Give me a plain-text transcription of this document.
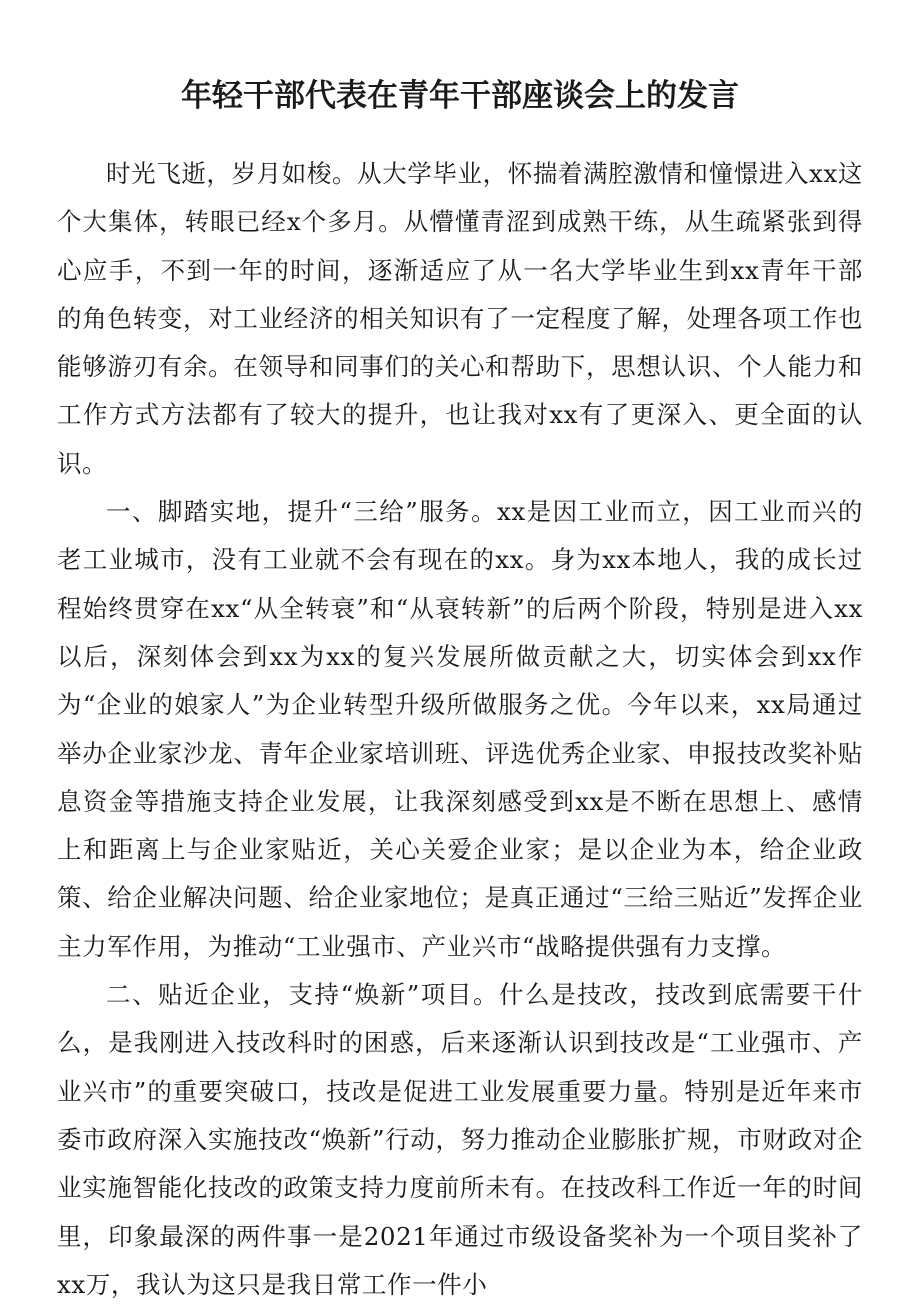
年轻干部代表在青年干部座谈会上的发言

时光飞逝，岁月如梭。从大学毕业，怀揣着满腔激情和憧憬进入xx这个大集体，转眼已经x个多月。从懵懂青涩到成熟干练，从生疏紧张到得心应手，不到一年的时间，逐渐适应了从一名大学毕业生到xx青年干部的角色转变，对工业经济的相关知识有了一定程度了解，处理各项工作也能够游刃有余。在领导和同事们的关心和帮助下，思想认识、个人能力和工作方式方法都有了较大的提升，也让我对xx有了更深入、更全面的认识。

一、脚踏实地，提升“三给”服务。xx是因工业而立，因工业而兴的老工业城市，没有工业就不会有现在的xx。身为xx本地人，我的成长过程始终贯穿在xx“从全转衰”和“从衰转新”的后两个阶段，特别是进入xx以后，深刻体会到xx为xx的复兴发展所做贡献之大，切实体会到xx作为“企业的娘家人”为企业转型升级所做服务之优。今年以来，xx局通过举办企业家沙龙、青年企业家培训班、评选优秀企业家、申报技改奖补贴息资金等措施支持企业发展，让我深刻感受到xx是不断在思想上、感情上和距离上与企业家贴近，关心关爱企业家；是以企业为本，给企业政策、给企业解决问题、给企业家地位；是真正通过“三给三贴近”发挥企业主力军作用，为推动“工业强市、产业兴市“战略提供强有力支撑。

二、贴近企业，支持“焕新”项目。什么是技改，技改到底需要干什么，是我刚进入技改科时的困惑，后来逐渐认识到技改是“工业强市、产业兴市”的重要突破口，技改是促进工业发展重要力量。特别是近年来市委市政府深入实施技改“焕新”行动，努力推动企业膨胀扩规，市财政对企业实施智能化技改的政策支持力度前所未有。在技改科工作近一年的时间里，印象最深的两件事一是2021年通过市级设备奖补为一个项目奖补了xx万，我认为这只是我日常工作一件小
